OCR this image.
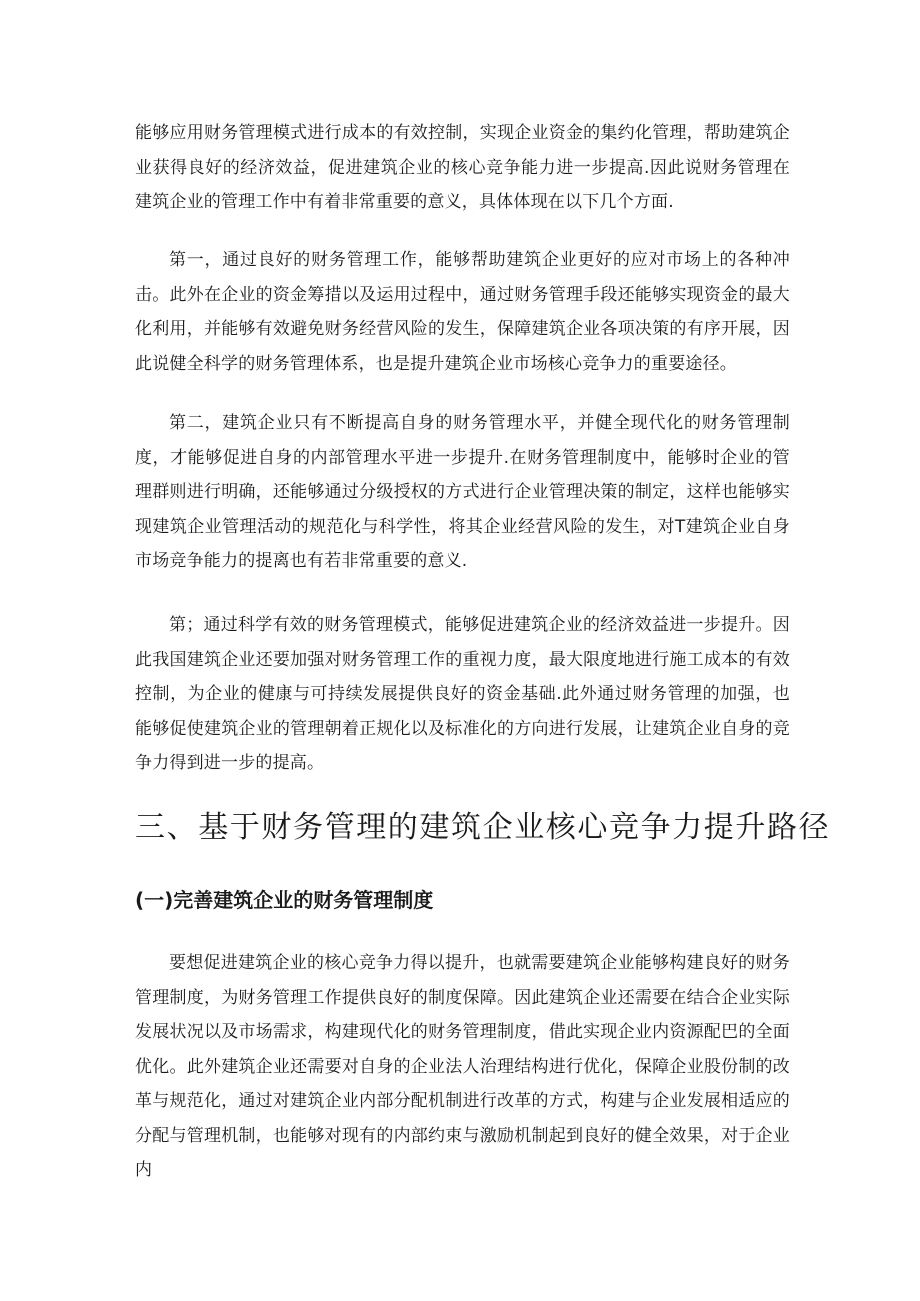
能够应用财务管理模式进行成本的有效控制，实现企业资金的集约化管理，帮助建筑企业获得良好的经济效益，促进建筑企业的核心竞争能力进一步提高.因此说财务管理在建筑企业的管理工作中有着非常重要的意义，具体体现在以下几个方面.

第一，通过良好的财务管理工作，能够帮助建筑企业更好的应对市场上的各种冲击。此外在企业的资金筹措以及运用过程中，通过财务管理手段还能够实现资金的最大化利用，并能够有效避免财务经营风险的发生，保障建筑企业各项决策的有序开展，因此说健全科学的财务管理体系，也是提升建筑企业市场核心竞争力的重要途径。

第二，建筑企业只有不断提高自身的财务管理水平，并健全现代化的财务管理制度，才能够促进自身的内部管理水平进一步提升.在财务管理制度中，能够时企业的管理群则进行明确，还能够通过分级授权的方式进行企业管理决策的制定，这样也能够实现建筑企业管理活动的规范化与科学性，将其企业经营风险的发生，对T建筑企业自身市场竞争能力的提离也有若非常重要的意义.

第；通过科学有效的财务管理模式，能够促进建筑企业的经济效益进一步提升。因此我国建筑企业还要加强对财务管理工作的重视力度，最大限度地进行施工成本的有效控制，为企业的健康与可持续发展提供良好的资金基础.此外通过财务管理的加强，也能够促使建筑企业的管理朝着正规化以及标准化的方向进行发展，让建筑企业自身的竞争力得到进一步的提高。

三、基于财务管理的建筑企业核心竞争力提升路径
(一)完善建筑企业的财务管理制度

要想促进建筑企业的核心竞争力得以提升，也就需要建筑企业能够构建良好的财务管理制度，为财务管理工作提供良好的制度保障。因此建筑企业还需要在结合企业实际发展状况以及市场需求，构建现代化的财务管理制度，借此实现企业内资源配巴的全面优化。此外建筑企业还需要对自身的企业法人治理结构进行优化，保障企业股份制的改革与规范化，通过对建筑企业内部分配机制进行改革的方式，构建与企业发展相适应的分配与管理机制，也能够对现有的内部约束与激励机制起到良好的健全效果，对于企业内
